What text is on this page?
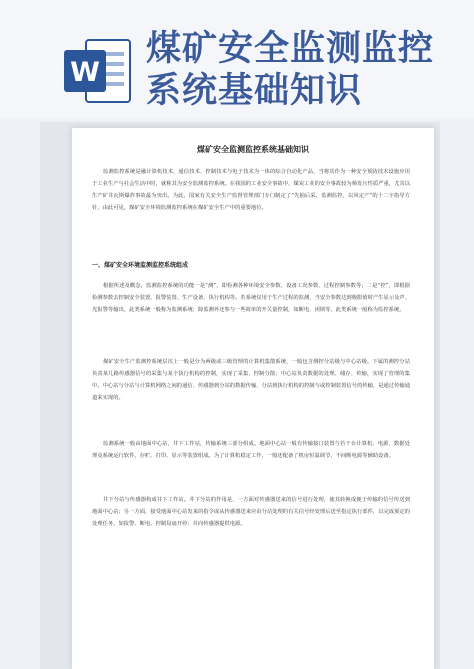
W
煤矿安全监测监控系统基础知识
煤矿安全监测监控系统基础知识

监测监控系统是融计算机技术、通信技术、控制技术与电子技术为一体的综合自动化产品，当将其作为一种安全预防技术设施应用于工业生产与社会生活中时，就称其为安全监测监控系统。在我国的工业安全事故中，煤炭工业的安全事故较为频发且性质严重，尤其以生产矿井瓦斯爆炸事故最为突出。为此，国家有关安全生产监督管理部门专门制定了“先抽后采、监测监控，以风定产”的十二字指导方针，由此可见，煤矿安全环境监测监控系统在煤矿安全生产中的重要地位。

一、煤矿安全环境监测监控系统组成

根据所述及概念，监测监控系统的功能一是“测”，即检测各种环境安全参数、设备工况参数、过程控制参数等；二是“控”，即根据检测参数去控制安全装置、报警装置、生产设备、执行机构等。若系统仅用于生产过程的监测，当安全参数达到极限值时产生显示及声、光报警等输出，此类系统一般称为监测系统；除监测外还参与一些简单的开关量控制，如断电、闭锁等，此类系统一般称为监控系统。

煤矿安全生产监测控系统层次上一般是分为两级或三级管理的计算机集散系统，一般包含测控分站级与中心站级。下属的测控分站负责某几路传感器信号的采集与某个执行机构的控制，实现了采集、控制分散；中心站负责数据的处理、储存、传输，实现了管理的集中。中心站与分站与计算机网络之间的通信、传感器到分站的数据传输、分站到执行机构的控制与或控制装置信号的传输，是通过传输通道来实现的。

监测系统一般由地面中心站，井下工作站，传输系统三部分组成。地面中心站一般有传输接口装置与若干台计算机、电源，数据处理及系统运行软件，存贮、打印、显示等装置组成。为了计算机稳定工作，一般还配备了机房恒温调节，不间断电源等辅助设备。

井下分站与传感器构成井下工作站。井下分站的作用是，一方面对传感器送来的信号进行处理，使其转换成便于传输的信号传送到地面中心站；另一方面，接受地面中心站发来的指令或从传感器送来应由分站处理的有关信号经处理后送至指定执行部件，以完成预定的处理任务，如报警、断电、控制局扇开停；并向传感器提供电源。
